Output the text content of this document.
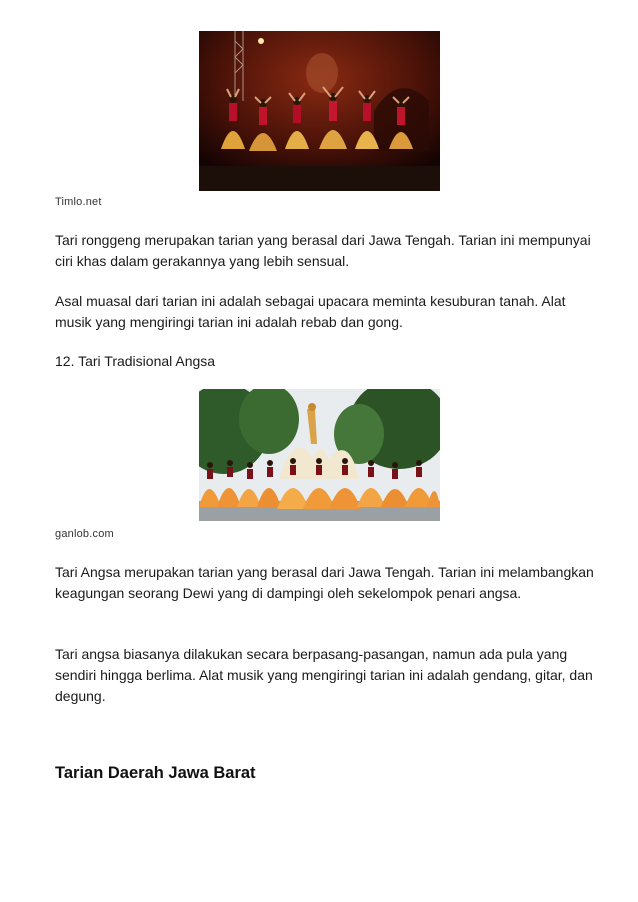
Timlo.net

Tari ronggeng merupakan tarian yang berasal dari Jawa Tengah. Tarian ini mempunyai ciri khas dalam gerakannya yang lebih sensual.

Asal muasal dari tarian ini adalah sebagai upacara meminta kesuburan tanah. Alat musik yang mengiringi tarian ini adalah rebab dan gong.

12. Tari Tradisional Angsa
ganlob.com

Tari Angsa merupakan tarian yang berasal dari Jawa Tengah. Tarian ini melambangkan keagungan seorang Dewi yang di dampingi oleh sekelompok penari angsa.

Tari angsa biasanya dilakukan secara berpasang-pasangan, namun ada pula yang sendiri hingga berlima. Alat musik yang mengiringi tarian ini adalah gendang, gitar, dan degung.

Tarian Daerah Jawa Barat
